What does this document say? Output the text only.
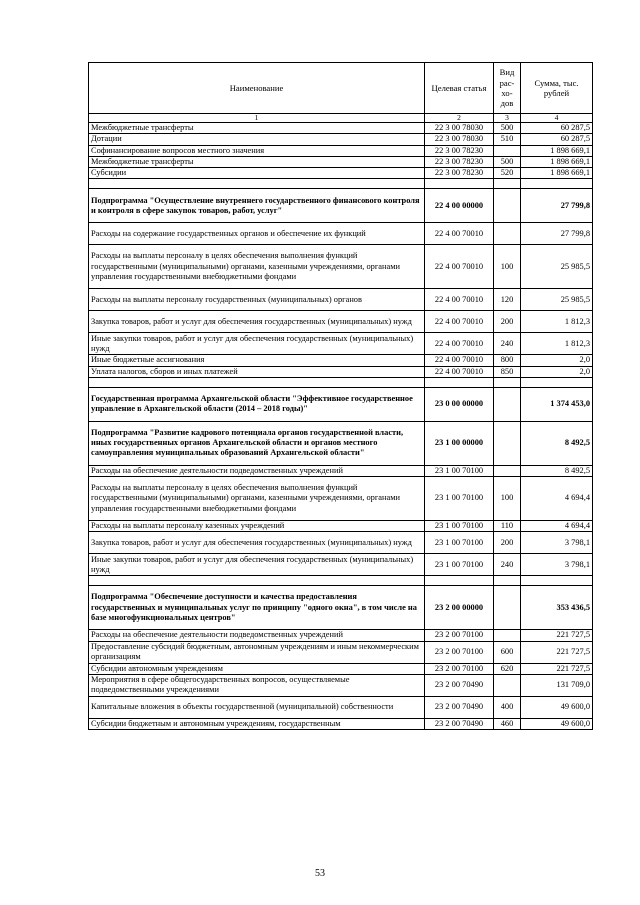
Наименование	Целевая статья	Вид рас- хо- дов	Сумма, тыс. рублей
1	2	3	4
Межбюджетные трансферты	22 3 00 78030	500	60 287,5
Дотации	22 3 00 78030	510	60 287,5
Софинансирование вопросов местного значения	22 3 00 78230		1 898 669,1
Межбюджетные трансферты	22 3 00 78230	500	1 898 669,1
Субсидии	22 3 00 78230	520	1 898 669,1

Подпрограмма "Осуществление внутреннего государственного финансового контроля и контроля в сфере закупок товаров, работ, услуг"	22 4 00 00000		27 799,8
Расходы на содержание государственных органов и обеспечение их функций	22 4 00 70010		27 799,8
Расходы на выплаты персоналу в целях обеспечения выполнения функций государственными (муниципальными) органами, казенными учреждениями, органами управления государственными внебюджетными фондами	22 4 00 70010	100	25 985,5
Расходы на выплаты персоналу государственных (муниципальных) органов	22 4 00 70010	120	25 985,5
Закупка товаров, работ и услуг для обеспечения государственных (муниципальных) нужд	22 4 00 70010	200	1 812,3
Иные закупки товаров, работ и услуг для обеспечения государственных (муниципальных) нужд	22 4 00 70010	240	1 812,3
Иные бюджетные ассигнования	22 4 00 70010	800	2,0
Уплата налогов, сборов и иных платежей	22 4 00 70010	850	2,0

Государственная программа Архангельской области "Эффективное государственное управление в Архангельской области (2014 – 2018 годы)"	23 0 00 00000		1 374 453,0
Подпрограмма "Развитие кадрового потенциала органов государственной власти, иных государственных органов Архангельской области и органов местного самоуправления муниципальных образований Архангельской области"	23 1 00 00000		8 492,5
Расходы на обеспечение деятельности подведомственных учреждений	23 1 00 70100		8 492,5
Расходы на выплаты персоналу в целях обеспечения выполнения функций государственными (муниципальными) органами, казенными учреждениями, органами управления государственными внебюджетными фондами	23 1 00 70100	100	4 694,4
Расходы на выплаты персоналу казенных учреждений	23 1 00 70100	110	4 694,4
Закупка товаров, работ и услуг для обеспечения государственных (муниципальных) нужд	23 1 00 70100	200	3 798,1
Иные закупки товаров, работ и услуг для обеспечения государственных (муниципальных) нужд	23 1 00 70100	240	3 798,1

Подпрограмма "Обеспечение доступности и качества предоставления государственных и муниципальных услуг по принципу "одного окна", в том числе на базе многофункциональных центров"	23 2 00 00000		353 436,5
Расходы на обеспечение деятельности подведомственных учреждений	23 2 00 70100		221 727,5
Предоставление субсидий бюджетным, автономным учреждениям и иным некоммерческим организациям	23 2 00 70100	600	221 727,5
Субсидии автономным учреждениям	23 2 00 70100	620	221 727,5
Мероприятия в сфере общегосударственных вопросов, осуществляемые подведомственными учреждениями	23 2 00 70490		131 709,0
Капитальные вложения в объекты государственной (муниципальной) собственности	23 2 00 70490	400	49 600,0
Субсидии бюджетным и автономным учреждениям, государственным	23 2 00 70490	460	49 600,0
53
